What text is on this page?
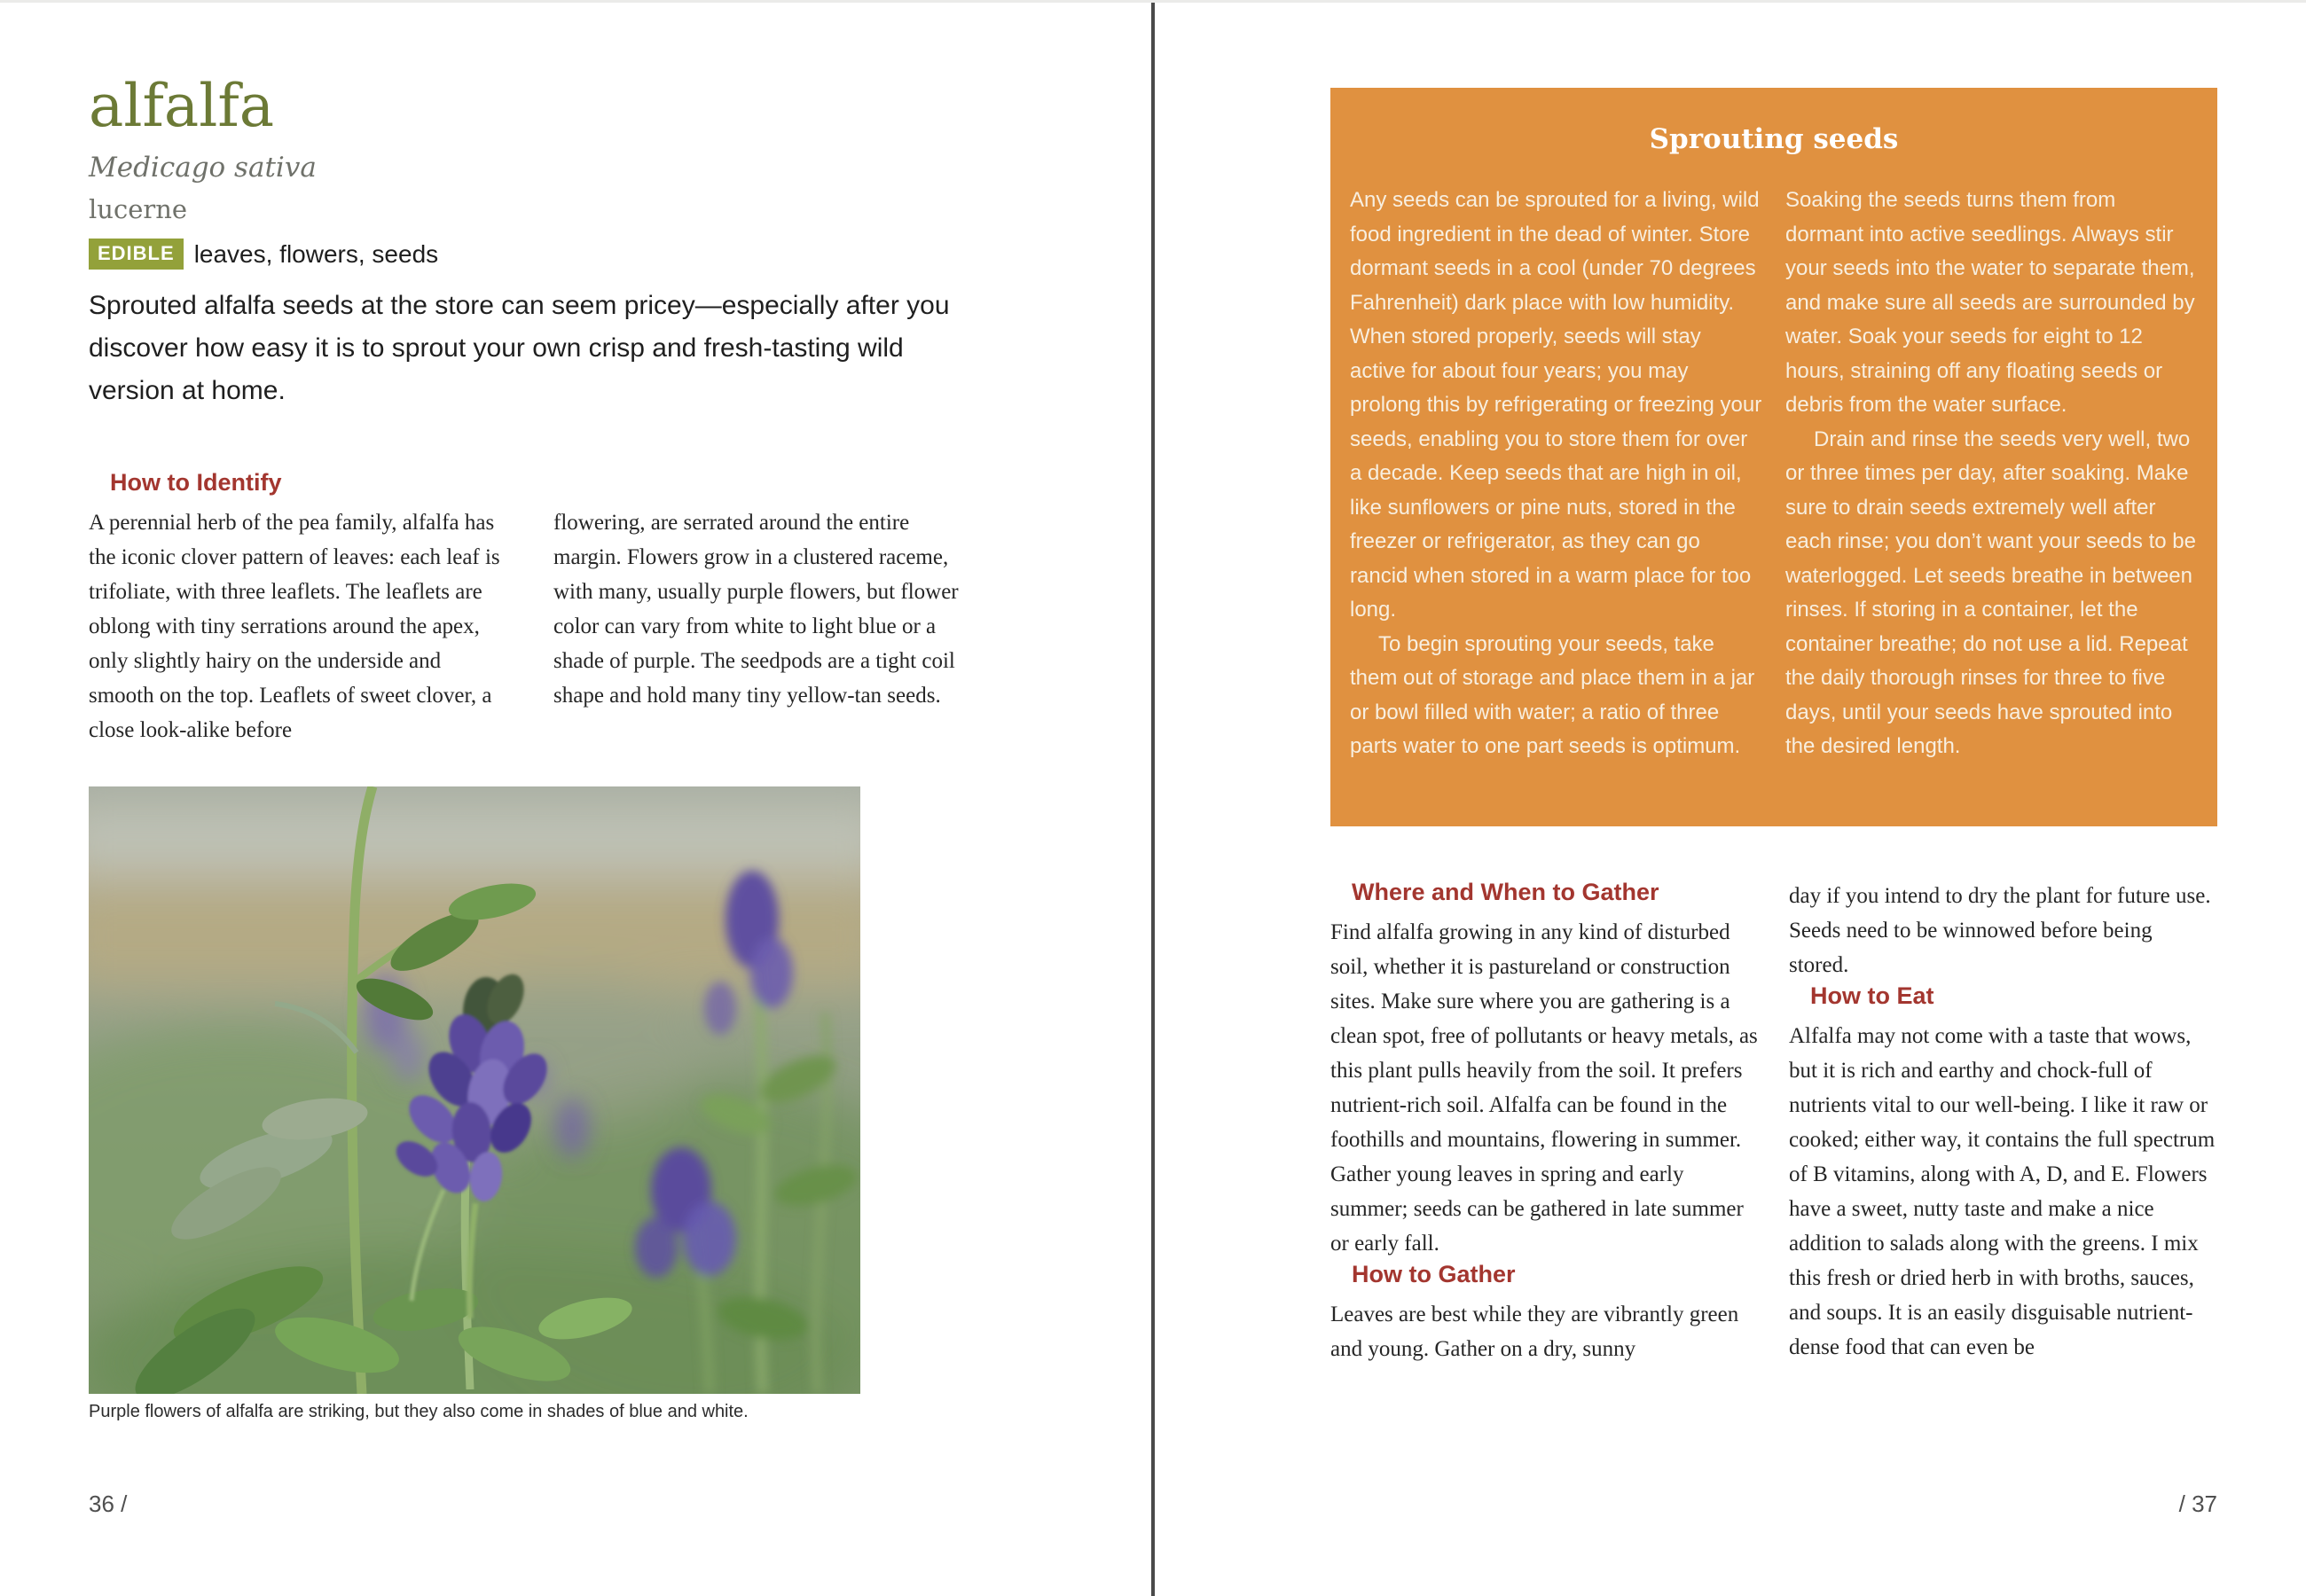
alfalfa
Medicago sativa
lucerne
EDIBLE leaves, flowers, seeds
Sprouted alfalfa seeds at the store can seem pricey—especially after you discover how easy it is to sprout your own crisp and fresh-tasting wild version at home.
How to Identify
A perennial herb of the pea family, alfalfa has the iconic clover pattern of leaves: each leaf is trifoliate, with three leaflets. The leaflets are oblong with tiny serrations around the apex, only slightly hairy on the underside and smooth on the top. Leaflets of sweet clover, a close look-alike before
flowering, are serrated around the entire margin. Flowers grow in a clustered raceme, with many, usually purple flowers, but flower color can vary from white to light blue or a shade of purple. The seedpods are a tight coil shape and hold many tiny yellow-tan seeds.
Purple flowers of alfalfa are striking, but they also come in shades of blue and white.
36 /
Sprouting seeds

Any seeds can be sprouted for a living, wild food ingredient in the dead of winter. Store dormant seeds in a cool (under 70 degrees Fahrenheit) dark place with low humidity. When stored properly, seeds will stay active for about four years; you may prolong this by refrigerating or freezing your seeds, enabling you to store them for over a decade. Keep seeds that are high in oil, like sunflowers or pine nuts, stored in the freezer or refrigerator, as they can go rancid when stored in a warm place for too long.

To begin sprouting your seeds, take them out of storage and place them in a jar or bowl filled with water; a ratio of three parts water to one part seeds is optimum.

Soaking the seeds turns them from dormant into active seedlings. Always stir your seeds into the water to separate them, and make sure all seeds are surrounded by water. Soak your seeds for eight to 12 hours, straining off any floating seeds or debris from the water surface.

Drain and rinse the seeds very well, two or three times per day, after soaking. Make sure to drain seeds extremely well after each rinse; you don’t want your seeds to be waterlogged. Let seeds breathe in between rinses. If storing in a container, let the container breathe; do not use a lid. Repeat the daily thorough rinses for three to five days, until your seeds have sprouted into the desired length.

Where and When to Gather

Find alfalfa growing in any kind of disturbed soil, whether it is pastureland or construction sites. Make sure where you are gathering is a clean spot, free of pollutants or heavy metals, as this plant pulls heavily from the soil. It prefers nutrient-rich soil. Alfalfa can be found in the foothills and mountains, flowering in summer. Gather young leaves in spring and early summer; seeds can be gathered in late summer or early fall.

How to Gather

Leaves are best while they are vibrantly green and young. Gather on a dry, sunny

day if you intend to dry the plant for future use. Seeds need to be winnowed before being stored.

How to Eat

Alfalfa may not come with a taste that wows, but it is rich and earthy and chock-full of nutrients vital to our well-being. I like it raw or cooked; either way, it contains the full spectrum of B vitamins, along with A, D, and E. Flowers have a sweet, nutty taste and make a nice addition to salads along with the greens. I mix this fresh or dried herb in with broths, sauces, and soups. It is an easily disguisable nutrient-dense food that can even be

/ 37
